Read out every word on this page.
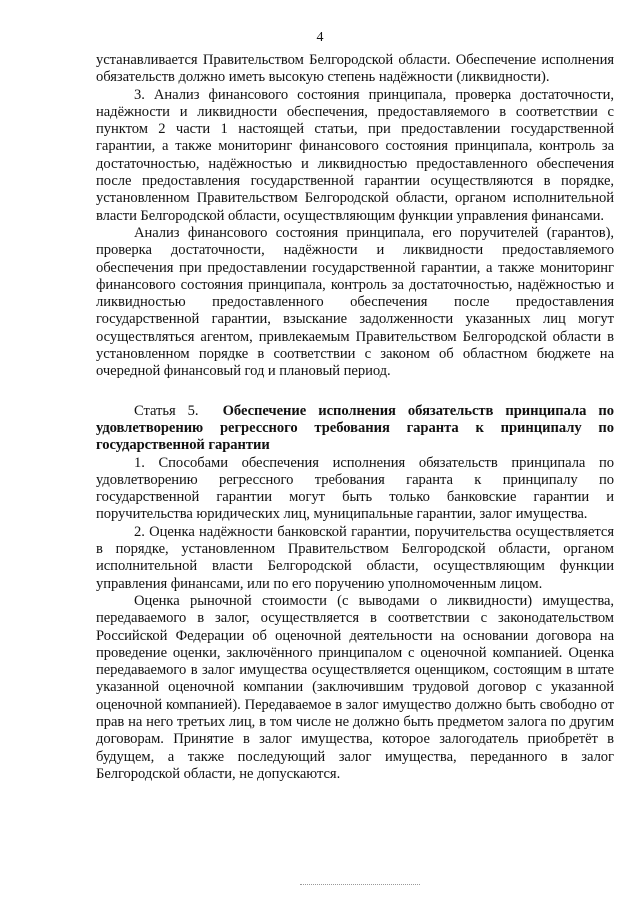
4

устанавливается Правительством Белгородской области. Обеспечение исполнения обязательств должно иметь высокую степень надёжности (ликвидности).

3. Анализ финансового состояния принципала, проверка достаточности, надёжности и ликвидности обеспечения, предоставляемого в соответствии с пунктом 2 части 1 настоящей статьи, при предоставлении государственной гарантии, а также мониторинг финансового состояния принципала, контроль за достаточностью, надёжностью и ликвидностью предоставленного обеспечения после предоставления государственной гарантии осуществляются в порядке, установленном Правительством Белгородской области, органом исполнительной власти Белгородской области, осуществляющим функции управления финансами.

Анализ финансового состояния принципала, его поручителей (гарантов), проверка достаточности, надёжности и ликвидности предоставляемого обеспечения при предоставлении государственной гарантии, а также мониторинг финансового состояния принципала, контроль за достаточностью, надёжностью и ликвидностью предоставленного обеспечения после предоставления государственной гарантии, взыскание задолженности указанных лиц могут осуществляться агентом, привлекаемым Правительством Белгородской области в установленном порядке в соответствии с законом об областном бюджете на очередной финансовый год и плановый период.

Статья 5. Обеспечение исполнения обязательств принципала по удовлетворению регрессного требования гаранта к принципалу по государственной гарантии

1. Способами обеспечения исполнения обязательств принципала по удовлетворению регрессного требования гаранта к принципалу по государственной гарантии могут быть только банковские гарантии и поручительства юридических лиц, муниципальные гарантии, залог имущества.

2. Оценка надёжности банковской гарантии, поручительства осуществляется в порядке, установленном Правительством Белгородской области, органом исполнительной власти Белгородской области, осуществляющим функции управления финансами, или по его поручению уполномоченным лицом.

Оценка рыночной стоимости (с выводами о ликвидности) имущества, передаваемого в залог, осуществляется в соответствии с законодательством Российской Федерации об оценочной деятельности на основании договора на проведение оценки, заключённого принципалом с оценочной компанией. Оценка передаваемого в залог имущества осуществляется оценщиком, состоящим в штате указанной оценочной компании (заключившим трудовой договор с указанной оценочной компанией). Передаваемое в залог имущество должно быть свободно от прав на него третьих лиц, в том числе не должно быть предметом залога по другим договорам. Принятие в залог имущества, которое залогодатель приобретёт в будущем, а также последующий залог имущества, переданного в залог Белгородской области, не допускаются.
